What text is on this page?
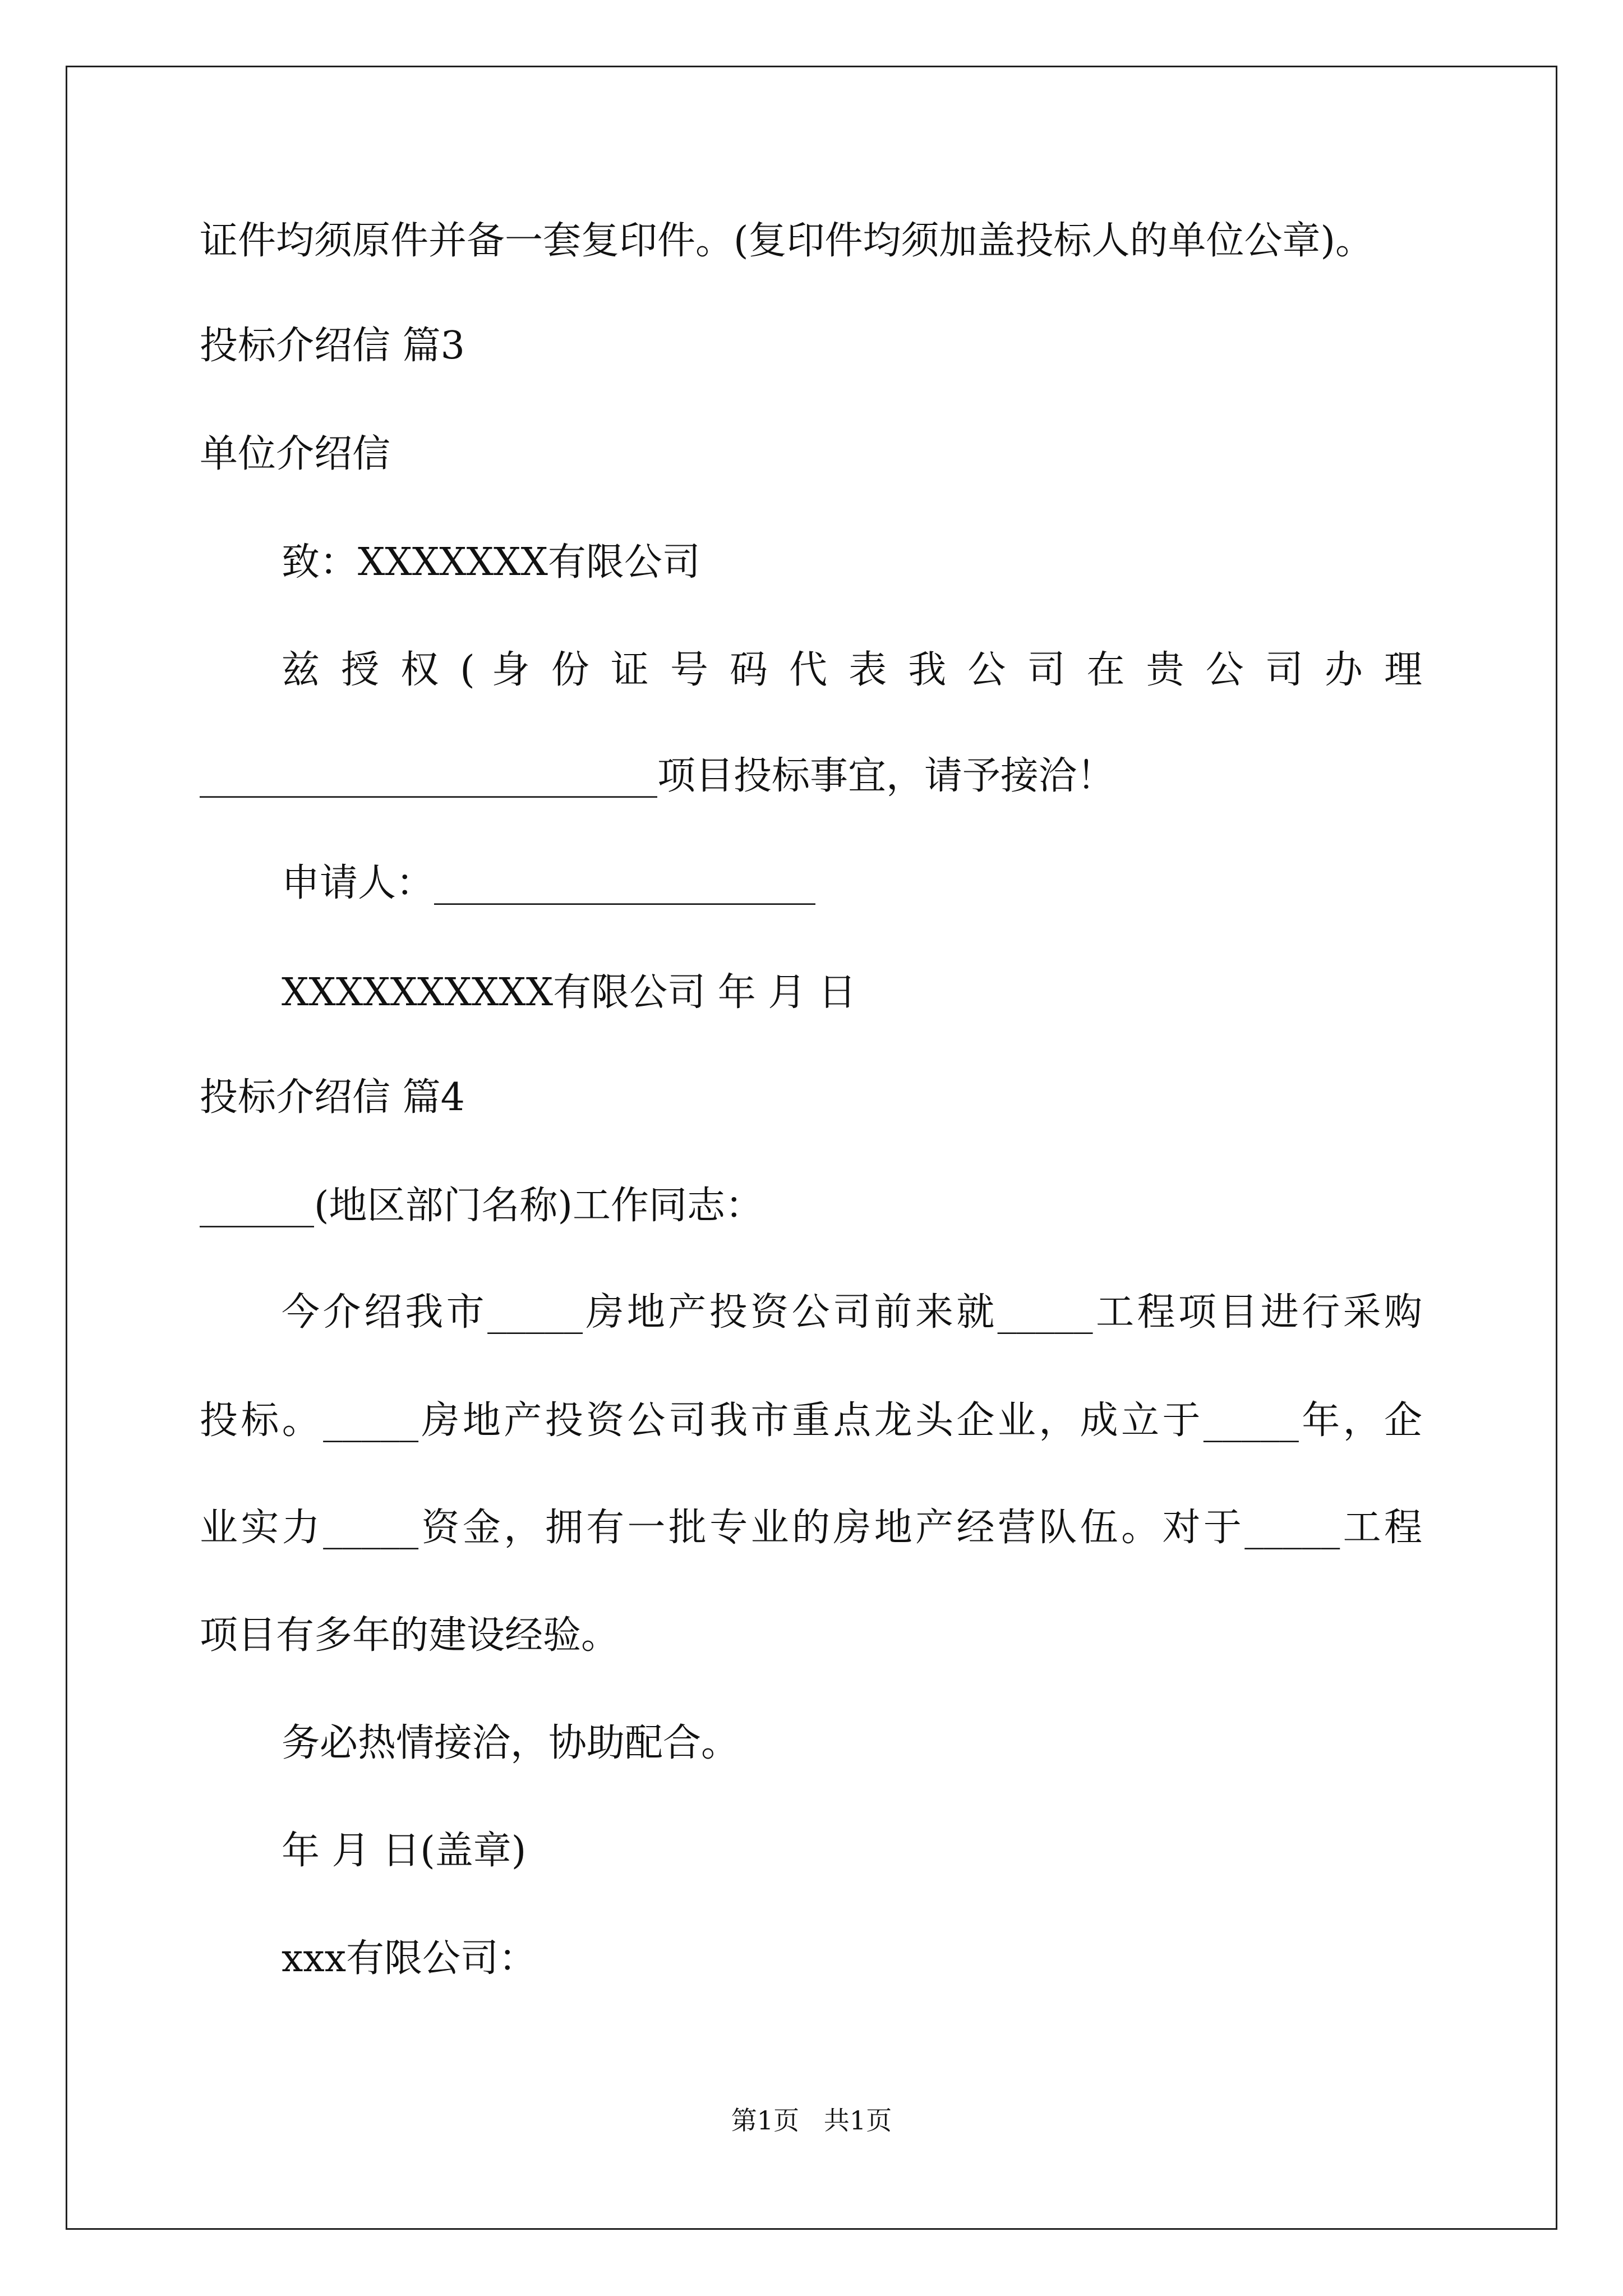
证件均须原件并备一套复印件。(复印件均须加盖投标人的单位公章)。
投标介绍信 篇3
单位介绍信
致：XXXXXXX有限公司
兹 授 权 ( 身 份 证 号 码 代 表 我 公 司 在 贵 公 司 办 理
________________________项目投标事宜，请予接洽！
申请人：____________________
XXXXXXXXXX有限公司 年 月 日
投标介绍信 篇4
______(地区部门名称)工作同志：
今介绍我市_____房地产投资公司前来就_____工程项目进行采购
投标。_____房地产投资公司我市重点龙头企业，成立于_____年，企
业实力_____资金，拥有一批专业的房地产经营队伍。对于_____工程
项目有多年的建设经验。
务必热情接洽，协助配合。
年 月 日(盖章)
xxx有限公司：
第1页   共1页
